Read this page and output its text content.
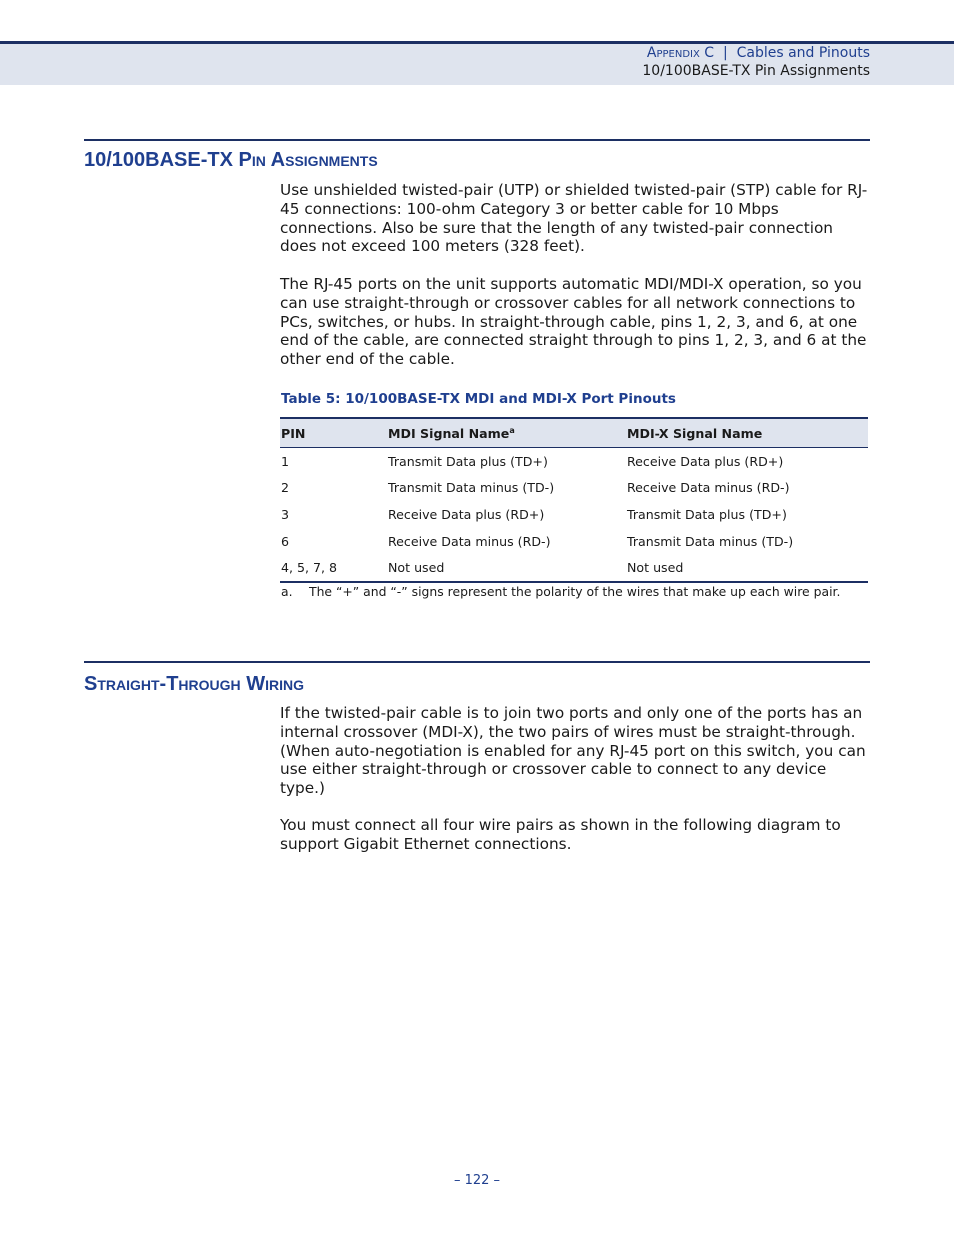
Appendix C | Cables and Pinouts
10/100BASE-TX Pin Assignments
10/100BASE-TX Pin Assignments

Use unshielded twisted-pair (UTP) or shielded twisted-pair (STP) cable for RJ-45 connections: 100-ohm Category 3 or better cable for 10 Mbps connections. Also be sure that the length of any twisted-pair connection does not exceed 100 meters (328 feet).

The RJ-45 ports on the unit supports automatic MDI/MDI-X operation, so you can use straight-through or crossover cables for all network connections to PCs, switches, or hubs. In straight-through cable, pins 1, 2, 3, and 6, at one end of the cable, are connected straight through to pins 1, 2, 3, and 6 at the other end of the cable.

Table 5: 10/100BASE-TX MDI and MDI-X Port Pinouts

PIN	MDI Signal Name$^a$	MDI-X Signal Name
1	Transmit Data plus (TD+)	Receive Data plus (RD+)
2	Transmit Data minus (TD-)	Receive Data minus (RD-)
3	Receive Data plus (RD+)	Transmit Data plus (TD+)
6	Receive Data minus (RD-)	Transmit Data minus (TD-)
4, 5, 7, 8	Not used	Not used

a. The “+” and “-” signs represent the polarity of the wires that make up each wire pair.

Straight-Through Wiring

If the twisted-pair cable is to join two ports and only one of the ports has an internal crossover (MDI-X), the two pairs of wires must be straight-through. (When auto-negotiation is enabled for any RJ-45 port on this switch, you can use either straight-through or crossover cable to connect to any device type.)

You must connect all four wire pairs as shown in the following diagram to support Gigabit Ethernet connections.

– 122 –
